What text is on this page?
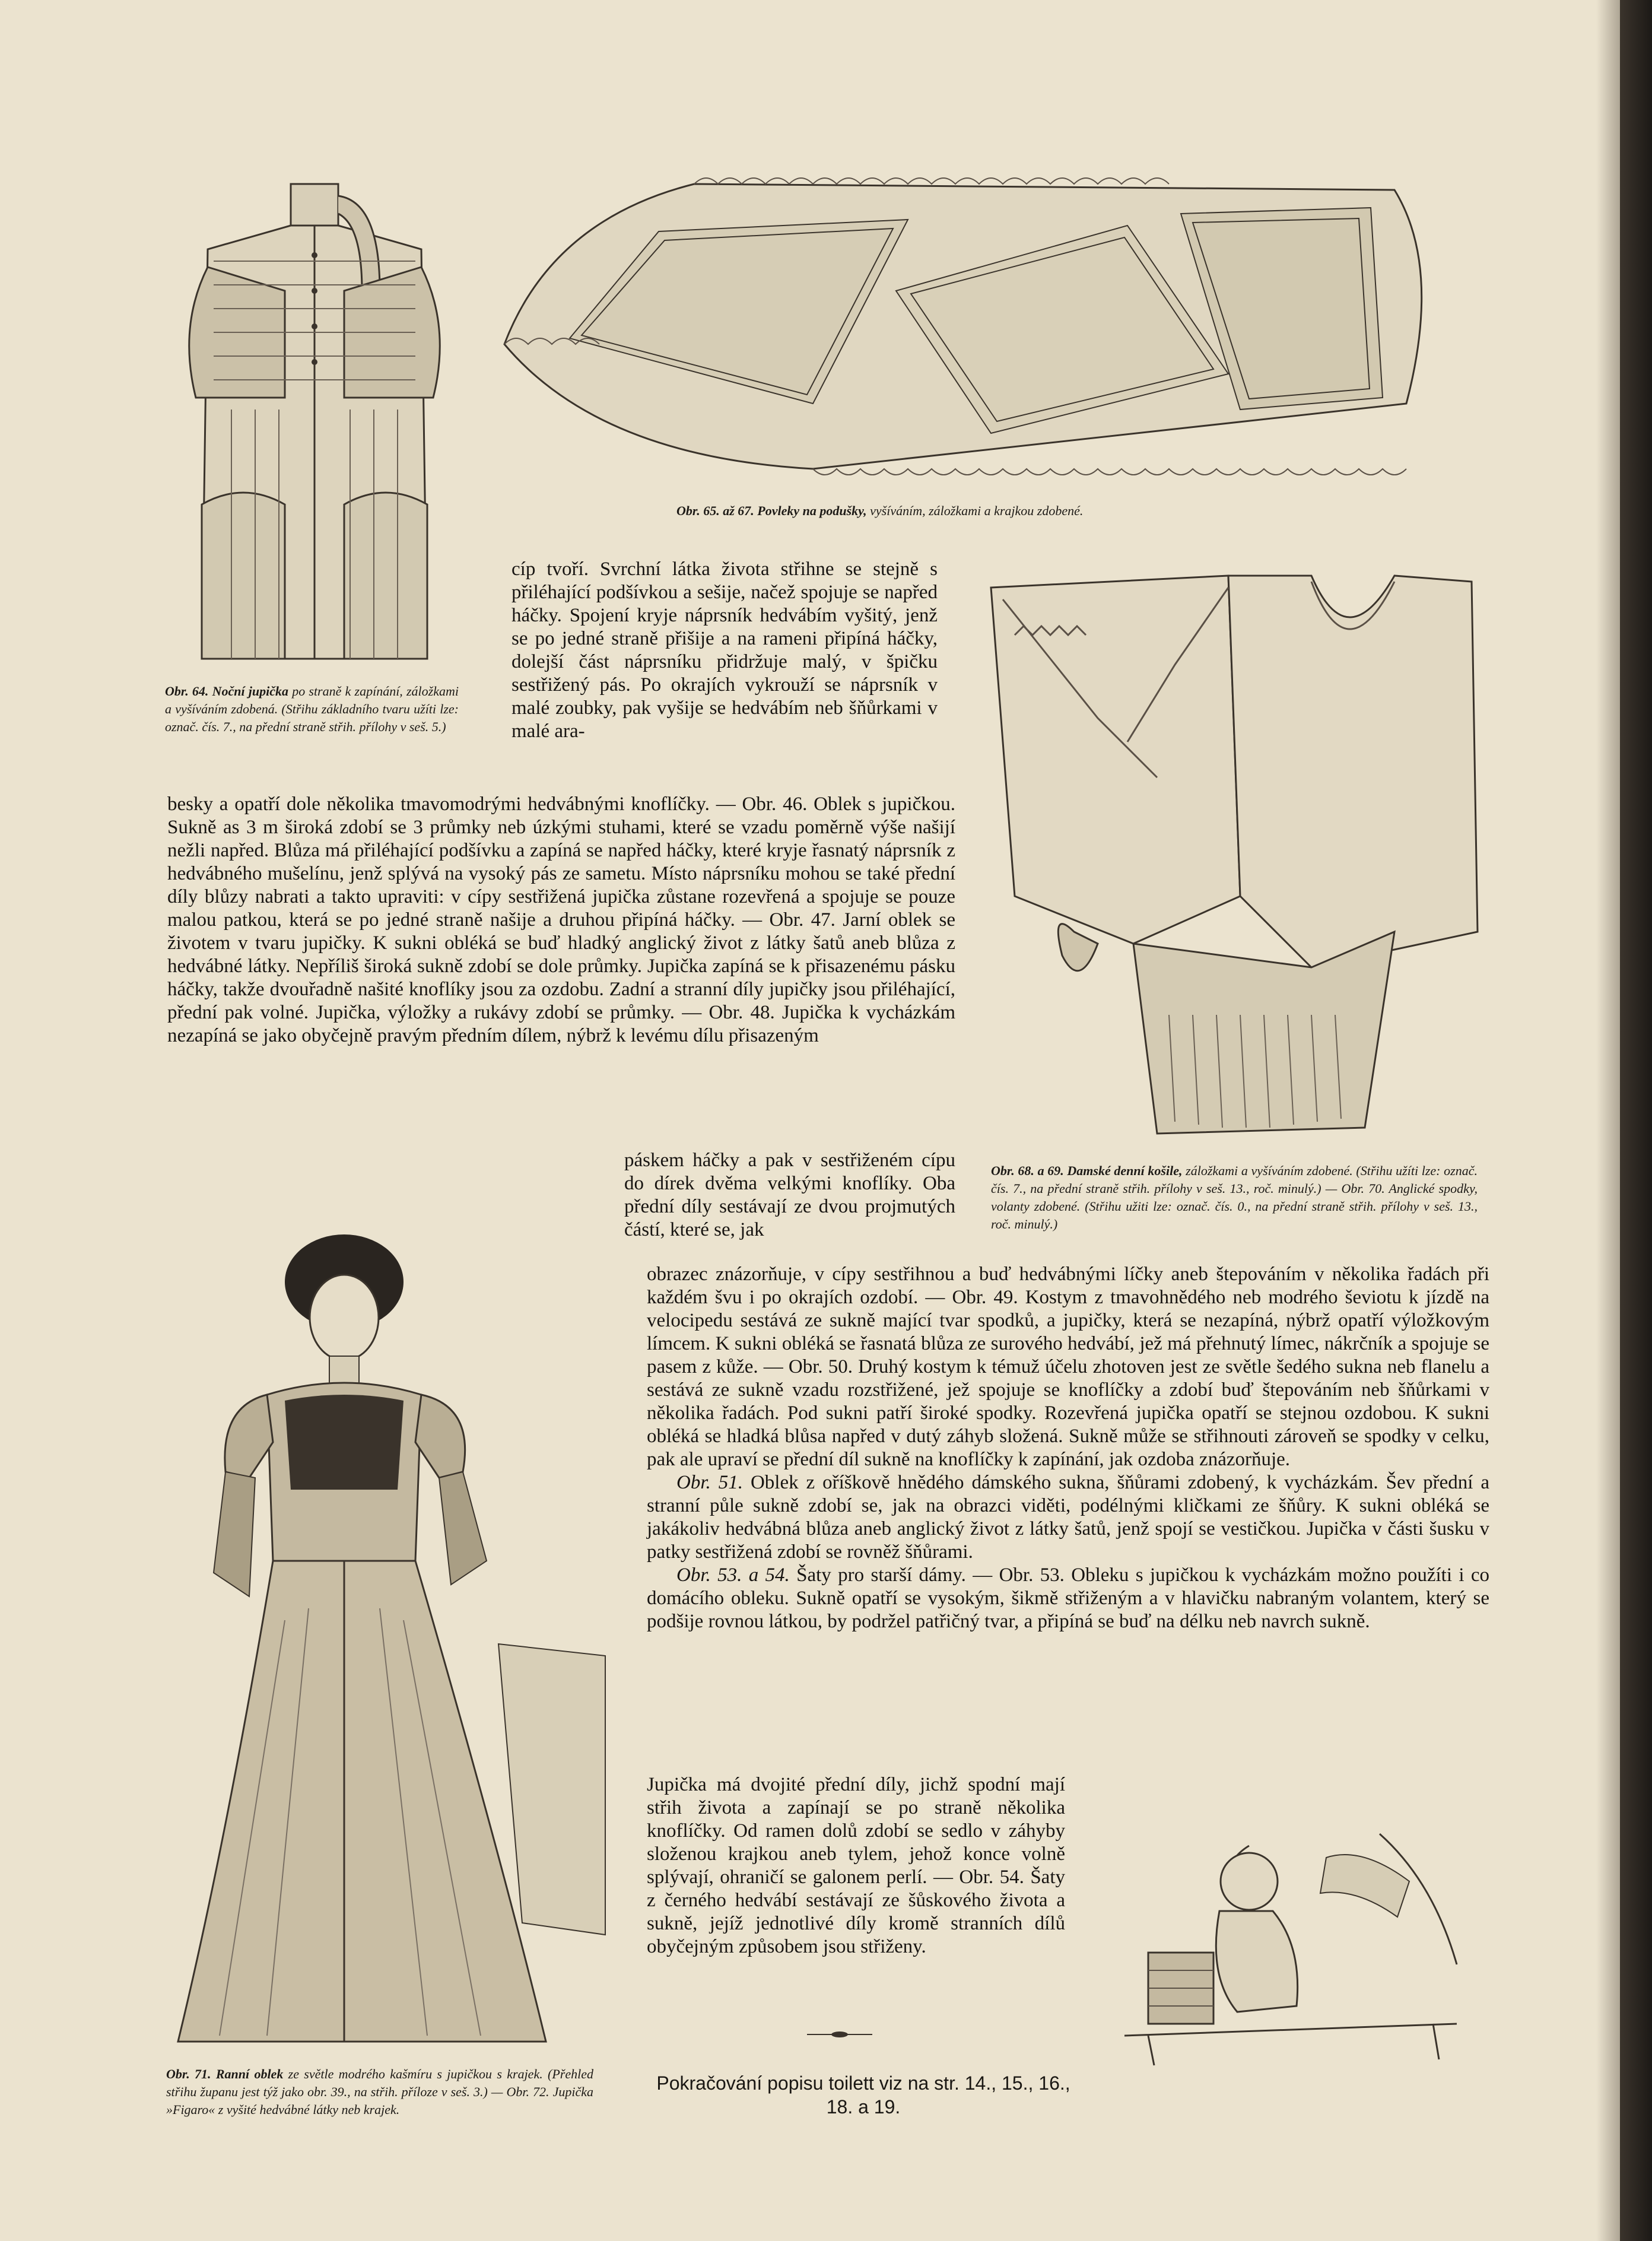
Obr. 65. až 67. Povleky na podušky, vyšíváním, záložkami a krajkou zdobené.
Obr. 64. Noční jupička po straně k zapínání, záložkami a vyšíváním zdobená. (Střihu základního tvaru užíti lze: označ. čís. 7., na přední straně střih. přílohy v seš. 5.)
Obr. 68. a 69. Damské denní košile, záložkami a vyšíváním zdobené. (Střihu užíti lze: označ. čís. 7., na přední straně střih. přílohy v seš. 13., roč. minulý.) — Obr. 70. Anglické spodky, volanty zdobené. (Střihu užiti lze: označ. čís. 0., na přední straně střih. přílohy v seš. 13., roč. minulý.)
Obr. 71. Ranní oblek ze světle modrého kašmíru s jupičkou s krajek. (Přehled střihu županu jest týž jako obr. 39., na střih. příloze v seš. 3.) — Obr. 72. Jupička »Figaro« z vyšité hedvábné látky neb krajek.

cíp tvoří. Svrchní látka života střihne se stejně s přiléhající podšívkou a sešije, načež spojuje se napřed háčky. Spojení kryje náprsník hedvábím vyšitý, jenž se po jedné straně přišije a na rameni připíná háčky, dolejší část náprsníku přidržuje malý, v špičku sestřižený pás. Po okrajích vykrouží se náprsník v malé zoubky, pak vyšije se hedvábím neb šňůrkami v malé ara-

besky a opatří dole několika tmavomodrými hedvábnými knoflíčky. — Obr. 46. Oblek s jupičkou. Sukně as 3 m široká zdobí se 3 průmky neb úzkými stuhami, které se vzadu poměrně výše našijí nežli napřed. Blůza má přiléhající podšívku a zapíná se napřed háčky, které kryje řasnatý náprsník z hedvábného mušelínu, jenž splývá na vysoký pás ze sametu. Místo náprsníku mohou se také přední díly blůzy nabrati a takto upraviti: v cípy sestřižená jupička zůstane rozevřená a spojuje se pouze malou patkou, která se po jedné straně našije a druhou připíná háčky. — Obr. 47. Jarní oblek se životem v tvaru jupičky. K sukni obléká se buď hladký anglický život z látky šatů aneb blůza z hedvábné látky. Nepříliš široká sukně zdobí se dole průmky. Jupička zapíná se k přisazenému pásku háčky, takže dvouřadně našité knoflíky jsou za ozdobu. Zadní a stranní díly jupičky jsou přiléhající, přední pak volné. Jupička, výložky a rukávy zdobí se průmky. — Obr. 48. Jupička k vycházkám nezapíná se jako obyčejně pravým předním dílem, nýbrž k levému dílu přisazeným

páskem háčky a pak v sestřiženém cípu do dírek dvěma velkými knoflíky. Oba přední díly sestávají ze dvou projmutých částí, které se, jak

obrazec znázorňuje, v cípy sestřihnou a buď hedvábnými líčky aneb štepováním v několika řadách při každém švu i po okrajích ozdobí. — Obr. 49. Kostym z tmavohnědého neb modrého ševiotu k jízdě na velocipedu sestává ze sukně mající tvar spodků, a jupičky, která se nezapíná, nýbrž opatří výložkovým límcem. K sukni obléká se řasnatá blůza ze surového hedvábí, jež má přehnutý límec, nákrčník a spojuje se pasem z kůže. — Obr. 50. Druhý kostym k témuž účelu zhotoven jest ze světle šedého sukna neb flanelu a sestává ze sukně vzadu rozstřižené, jež spojuje se knoflíčky a zdobí buď štepováním neb šňůrkami v několika řadách. Pod sukni patří široké spodky. Rozevřená jupička opatří se stejnou ozdobou. K sukni obléká se hladká blůsa napřed v dutý záhyb složená. Sukně může se střihnouti zároveň se spodky v celku, pak ale upraví se přední díl sukně na knoflíčky k zapínání, jak ozdoba znázorňuje.

Obr. 51. Oblek z oříškově hnědého dámského sukna, šňůrami zdobený, k vycházkám. Šev přední a stranní půle sukně zdobí se, jak na obrazci viděti, podélnými kličkami ze šňůry. K sukni obléká se jakákoliv hedvábná blůza aneb anglický život z látky šatů, jenž spojí se vestičkou. Jupička v části šusku v patky sestřižená zdobí se rovněž šňůrami.

Obr. 53. a 54. Šaty pro starší dámy. — Obr. 53. Obleku s jupičkou k vycházkám možno použíti i co domácího obleku. Sukně opatří se vysokým, šikmě střiženým a v hlavičku nabraným volantem, který se podšije rovnou látkou, by podržel patřičný tvar, a připíná se buď na délku neb navrch sukně.

Jupička má dvojité přední díly, jichž spodní mají střih života a zapínají se po straně několika knoflíčky. Od ramen dolů zdobí se sedlo v záhyby složenou krajkou aneb tylem, jehož konce volně splývají, ohraničí se galonem perlí. — Obr. 54. Šaty z černého hedvábí sestávají ze šůskového života a sukně, jejíž jednotlivé díly kromě stranních dílů obyčejným způsobem jsou střiženy.

Pokračování popisu toilett viz na str. 14., 15., 16., 18. a 19.
